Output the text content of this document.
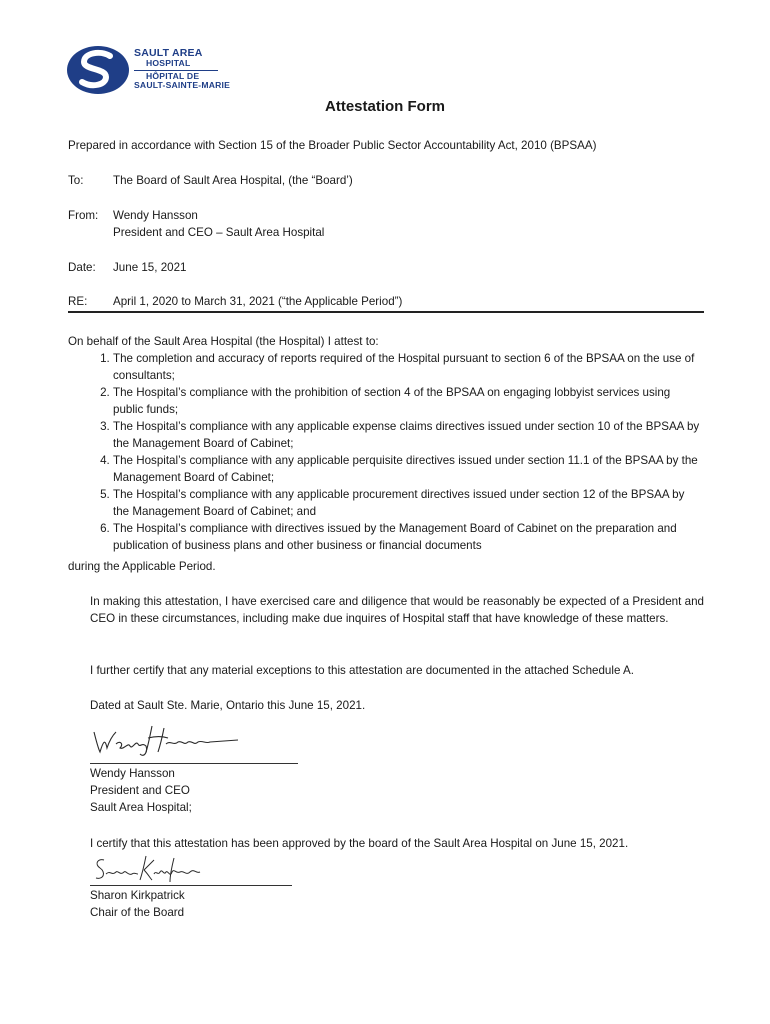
SAULT AREA
HOSPITAL
HÔPITAL DE
SAULT-SAINTE-MARIE
Attestation Form
Prepared in accordance with Section 15 of the Broader Public Sector Accountability Act, 2010 (BPSAA)
To:	The Board of Sault Area Hospital, (the “Board’)
From: Wendy Hansson
President and CEO – Sault Area Hospital
Date: June 15, 2021
RE: April 1, 2020 to March 31, 2021 (“the Applicable Period”)
On behalf of the Sault Area Hospital (the Hospital) I attest to:
1. The completion and accuracy of reports required of the Hospital pursuant to section 6 of the BPSAA on the use of consultants;
2. The Hospital’s compliance with the prohibition of section 4 of the BPSAA on engaging lobbyist services using public funds;
3. The Hospital’s compliance with any applicable expense claims directives issued under section 10 of the BPSAA by the Management Board of Cabinet;
4. The Hospital’s compliance with any applicable perquisite directives issued under section 11.1 of the BPSAA by the Management Board of Cabinet;
5. The Hospital’s compliance with any applicable procurement directives issued under section 12 of the BPSAA by the Management Board of Cabinet; and
6. The Hospital’s compliance with directives issued by the Management Board of Cabinet on the preparation and publication of business plans and other business or financial documents
during the Applicable Period.
In making this attestation, I have exercised care and diligence that would be reasonably be expected of a President and CEO in these circumstances, including make due inquires of Hospital staff that have knowledge of these matters.
I further certify that any material exceptions to this attestation are documented in the attached Schedule A.
Dated at Sault Ste. Marie, Ontario this June 15, 2021.
Wendy Hansson
President and CEO
Sault Area Hospital;
I certify that this attestation has been approved by the board of the Sault Area Hospital on June 15, 2021.
Sharon Kirkpatrick
Chair of the Board
